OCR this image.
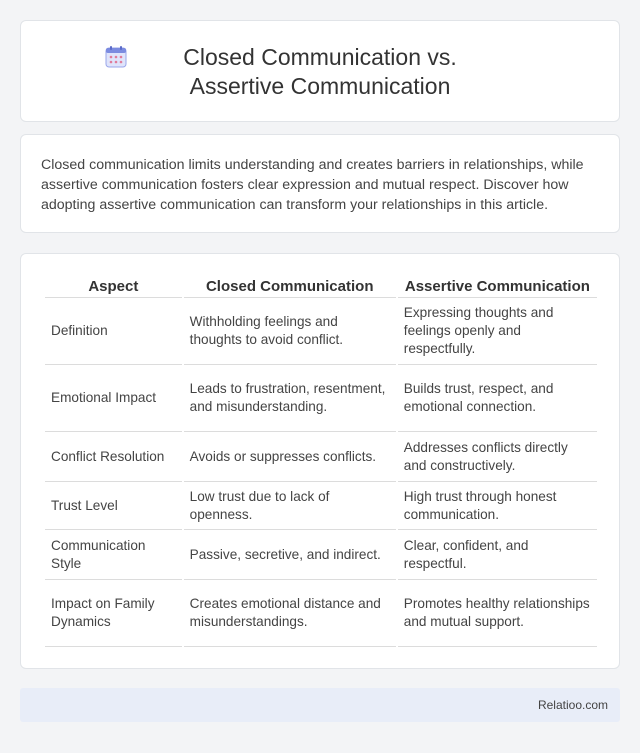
Closed Communication vs. Assertive Communication

Closed communication limits understanding and creates barriers in relationships, while assertive communication fosters clear expression and mutual respect. Discover how adopting assertive communication can transform your relationships in this article.

Aspect	Closed Communication	Assertive Communication
Definition	Withholding feelings and thoughts to avoid conflict.	Expressing thoughts and feelings openly and respectfully.
Emotional Impact	Leads to frustration, resentment, and misunderstanding.	Builds trust, respect, and emotional connection.
Conflict Resolution	Avoids or suppresses conflicts.	Addresses conflicts directly and constructively.
Trust Level	Low trust due to lack of openness.	High trust through honest communication.
Communication Style	Passive, secretive, and indirect.	Clear, confident, and respectful.
Impact on Family Dynamics	Creates emotional distance and misunderstandings.	Promotes healthy relationships and mutual support.
Relatioo.com
